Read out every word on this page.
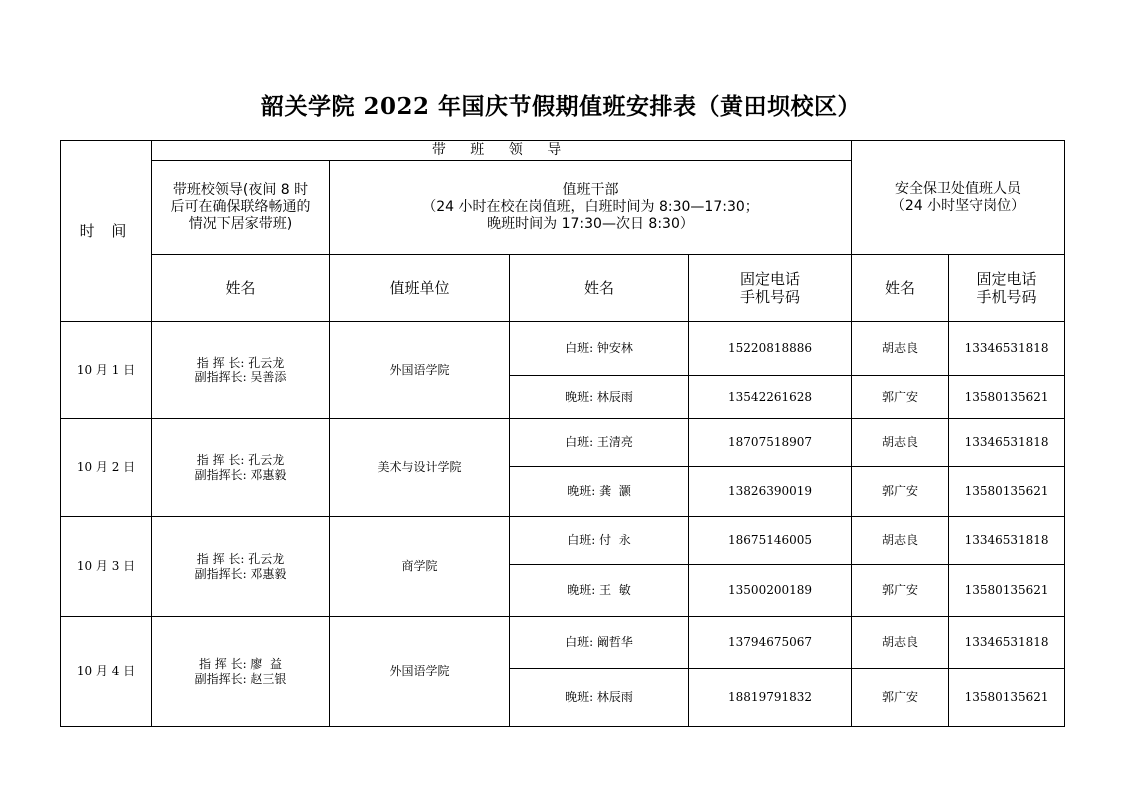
韶关学院 2022 年国庆节假期值班安排表（黄田坝校区）
时 间	带 班 领 导				安全保卫处值班人员
（24 小时坚守岗位）	

	带班校领导(夜间 8 时
后可在确保联络畅通的
情况下居家带班)	值班干部
（24 小时在校在岗值班，白班时间为 8:30—17:30；
晚班时间为 17:30—次日 8:30）				

	姓名	值班单位	姓名	固定电话
手机号码	姓名	固定电话
手机号码

10 月 1 日	指 挥 长: 孔云龙
副指挥长: 吴善添	外国语学院	白班: 钟安林	15220818886	胡志良	13346531818
			晚班: 林辰雨	13542261628	郭广安	13580135621
10 月 2 日	指 挥 长: 孔云龙
副指挥长: 邓惠毅	美术与设计学院	白班: 王清亮	18707518907	胡志良	13346531818
			晚班: 龚  灏	13826390019	郭广安	13580135621
10 月 3 日	指 挥 长: 孔云龙
副指挥长: 邓惠毅	商学院	白班: 付  永	18675146005	胡志良	13346531818
			晚班: 王  敏	13500200189	郭广安	13580135621
10 月 4 日	指 挥 长: 廖  益
副指挥长: 赵三银	外国语学院	白班: 阚哲华	13794675067	胡志良	13346531818
			晚班: 林辰雨	18819791832	郭广安	13580135621
